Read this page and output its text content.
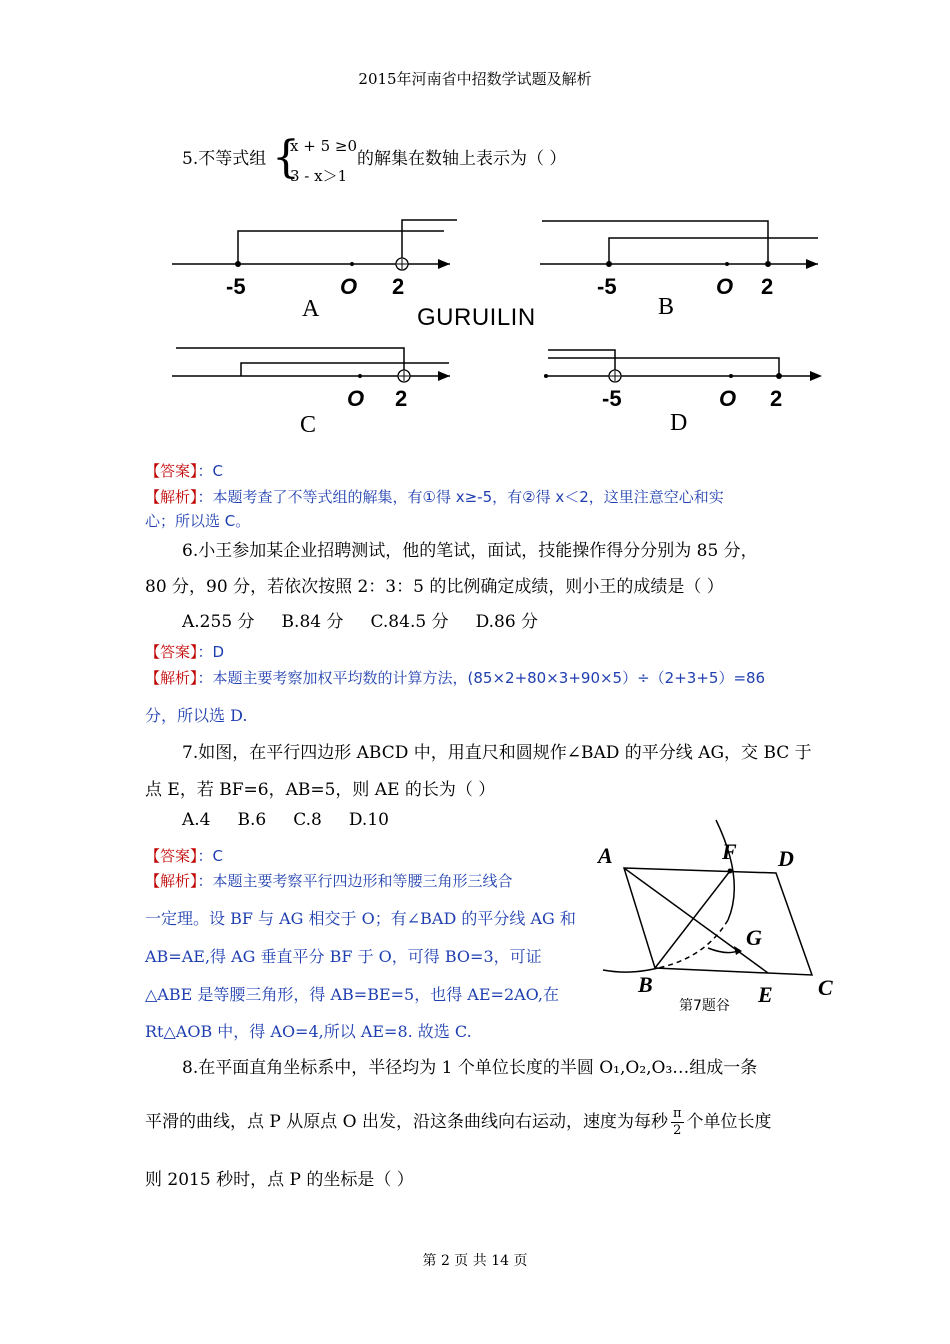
2015年河南省中招数学试题及解析
5.不等式组 {
x + 5 ≥0
3 - x＞1
的解集在数轴上表示为（ ）
-5	O 2
A
-5	O 2
B
GURUILIN
O 2
C
-5	O 2
D
【答案】：C
【解析】：本题考查了不等式组的解集，有①得 x≥-5，有②得 x＜2，这里注意空心和实
心；所以选 C。
6.小王参加某企业招聘测试，他的笔试，面试，技能操作得分分别为 85 分，
80 分，90 分，若依次按照 2：3：5 的比例确定成绩，则小王的成绩是（ ）
A.255 分     B.84 分     C.84.5 分     D.86 分
【答案】：D
【解析】：本题主要考察加权平均数的计算方法，(85×2+80×3+90×5）÷（2+3+5）=86
分，所以选 D.
7.如图，在平行四边形 ABCD 中，用直尺和圆规作∠BAD 的平分线 AG，交 BC 于
点 E，若 BF=6，AB=5，则 AE 的长为（ ）
A.4     B.6     C.8     D.10
【答案】：C
【解析】：本题主要考察平行四边形和等腰三角形三线合
一定理。设 BF 与 AG 相交于 O；有∠BAD 的平分线 AG 和
AB=AE,得 AG 垂直平分 BF 于 O，可得 BO=3，可证
△ABE 是等腰三角形，得 AB=BE=5，也得 AE=2AO,在
Rt△AOB 中，得 AO=4,所以 AE=8. 故选 C.
A	F D
G
B	E C
第7题谷
8.在平面直角坐标系中，半径均为 1 个单位长度的半圆 O₁,O₂,O₃…组成一条
平滑的曲线，点 P 从原点 O 出发，沿这条曲线向右运动，速度为每秒 $\frac{\pi}{2}$ 个单位长度
则 2015 秒时，点 P 的坐标是（ ）
第 2 页 共 14 页
